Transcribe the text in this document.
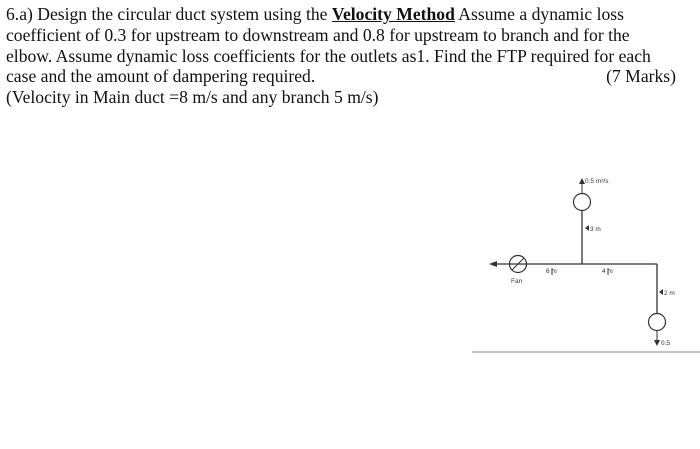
6.a) Design the circular duct system using the Velocity Method Assume a dynamic loss
coefficient of 0.3 for upstream to downstream and 0.8 for upstream to branch and for the
elbow. Assume dynamic loss coefficients for the outlets as1. Find the FTP required for each
case and the amount of dampering required.	(7 Marks)
(Velocity in Main duct =8 m/s and any branch 5 m/s)
Fan
6 m	4 m
0.5 m³/s
3 m
2 m
0.5
